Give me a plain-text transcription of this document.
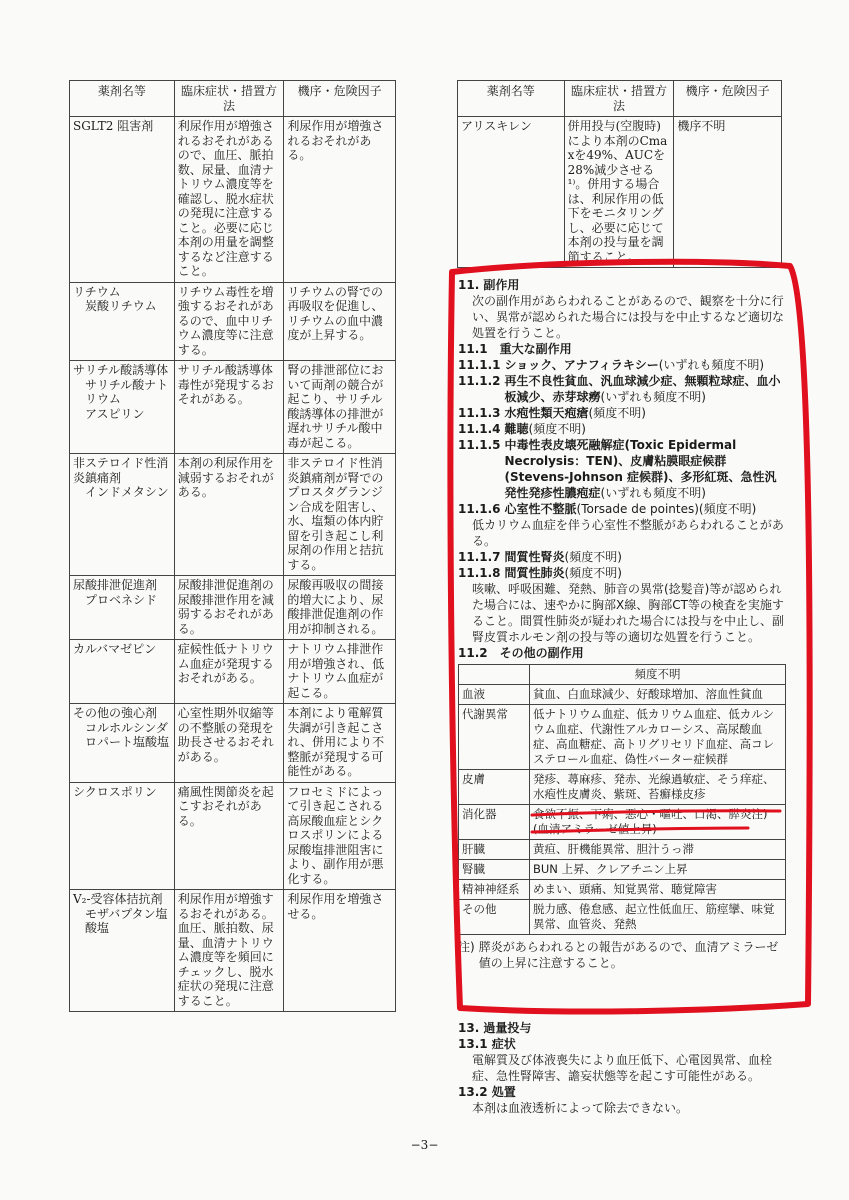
薬剤名等	臨床症状・措置方法	機序・危険因子
SGLT2 阻害剤	利尿作用が増強されるおそれがあるので、血圧、脈拍数、尿量、血清ナトリウム濃度等を確認し、脱水症状の発現に注意すること。必要に応じ本剤の用量を調整するなど注意すること。	利尿作用が増強されるおそれがある。
リチウム
　炭酸リチウム	リチウム毒性を増強するおそれがあるので、血中リチウム濃度等に注意する。	リチウムの腎での再吸収を促進し、リチウムの血中濃度が上昇する。
サリチル酸誘導体
　サリチル酸ナト
　リウム
　アスピリン	サリチル酸誘導体毒性が発現するおそれがある。	腎の排泄部位において両剤の競合が起こり、サリチル酸誘導体の排泄が遅れサリチル酸中毒が起こる。
非ステロイド性消炎鎮痛剤
　インドメタシン	本剤の利尿作用を減弱するおそれがある。	非ステロイド性消炎鎮痛剤が腎でのプロスタグランジン合成を阻害し、水、塩類の体内貯留を引き起こし利尿剤の作用と拮抗する。
尿酸排泄促進剤
　プロベネシド	尿酸排泄促進剤の尿酸排泄作用を減弱するおそれがある。	尿酸再吸収の間接的増大により、尿酸排泄促進剤の作用が抑制される。
カルバマゼピン	症候性低ナトリウム血症が発現するおそれがある。	ナトリウム排泄作用が増強され、低ナトリウム血症が起こる。
その他の強心剤
　コルホルシンダ
　ロパート塩酸塩	心室性期外収縮等の不整脈の発現を助長させるおそれがある。	本剤により電解質失調が引き起こされ、併用により不整脈が発現する可能性がある。
シクロスポリン	痛風性関節炎を起こすおそれがある。	フロセミドによって引き起こされる高尿酸血症とシクロスポリンによる尿酸塩排泄阻害により、副作用が悪化する。
V₂-受容体拮抗剤
　モザバプタン塩
　酸塩	利尿作用が増強するおそれがある。血圧、脈拍数、尿量、血清ナトリウム濃度等を頻回にチェックし、脱水症状の発現に注意すること。	利尿作用を増強させる。
薬剤名等	臨床症状・措置方法	機序・危険因子
アリスキレン	併用投与(空腹時)により本剤のCmaxを49%、AUCを28%減少させる¹⁾。併用する場合は、利尿作用の低下をモニタリングし、必要に応じて本剤の投与量を調節すること。	機序不明

11. 副作用

次の副作用があらわれることがあるので、観察を十分に行い、異常が認められた場合には投与を中止するなど適切な処置を行うこと。

11.1　重大な副作用

11.1.1 ショック、アナフィラキシー(いずれも頻度不明)
11.1.2 再生不良性貧血、汎血球減少症、無顆粒球症、血小板減少、赤芽球癆(いずれも頻度不明)
11.1.3 水疱性類天疱瘡(頻度不明)
11.1.4 難聴(頻度不明)
11.1.5 中毒性表皮壊死融解症(Toxic Epidermal Necrolysis：TEN)、皮膚粘膜眼症候群(Stevens-Johnson 症候群)、多形紅斑、急性汎発性発疹性膿疱症(いずれも頻度不明)
11.1.6 心室性不整脈(Torsade de pointes)(頻度不明)

低カリウム血症を伴う心室性不整脈があらわれることがある。

11.1.7 間質性腎炎(頻度不明)
11.1.8 間質性肺炎(頻度不明)

咳嗽、呼吸困難、発熱、肺音の異常(捻髪音)等が認められた場合には、速やかに胸部X線、胸部CT等の検査を実施すること。間質性肺炎が疑われた場合には投与を中止し、副腎皮質ホルモン剤の投与等の適切な処置を行うこと。

11.2　その他の副作用

	頻度不明
血液	貧血、白血球減少、好酸球増加、溶血性貧血
代謝異常	低ナトリウム血症、低カリウム血症、低カルシウム血症、代謝性アルカローシス、高尿酸血症、高血糖症、高トリグリセリド血症、高コレステロール血症、偽性バーター症候群
皮膚	発疹、蕁麻疹、発赤、光線過敏症、そう痒症、水疱性皮膚炎、紫斑、苔癬様皮疹
消化器	食欲不振、下痢、悪心・嘔吐、口渇、膵炎注)(血清アミラーゼ値上昇)
肝臓	黄疸、肝機能異常、胆汁うっ滞
腎臓	BUN 上昇、クレアチニン上昇
精神神経系	めまい、頭痛、知覚異常、聴覚障害
その他	脱力感、倦怠感、起立性低血圧、筋痙攣、味覚異常、血管炎、発熱
注) 膵炎があらわれるとの報告があるので、血清アミラーゼ値の上昇に注意すること。

13. 過量投与

13.1 症状

電解質及び体液喪失により血圧低下、心電図異常、血栓症、急性腎障害、譫妄状態等を起こす可能性がある。

13.2 処置

本剤は血液透析によって除去できない。

−3−
